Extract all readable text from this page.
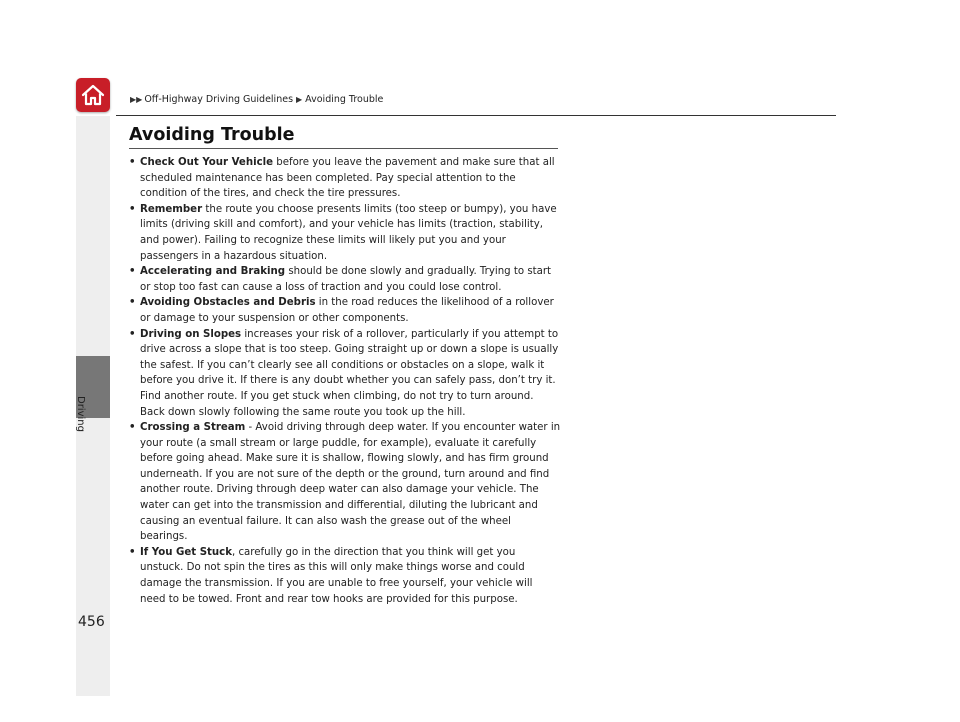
▶▶ Off-Highway Driving Guidelines ▶ Avoiding Trouble
Driving
456
Avoiding Trouble
• Check Out Your Vehicle before you leave the pavement and make sure that all scheduled maintenance has been completed. Pay special attention to the condition of the tires, and check the tire pressures.
• Remember the route you choose presents limits (too steep or bumpy), you have limits (driving skill and comfort), and your vehicle has limits (traction, stability, and power). Failing to recognize these limits will likely put you and your passengers in a hazardous situation.
• Accelerating and Braking should be done slowly and gradually. Trying to start or stop too fast can cause a loss of traction and you could lose control.
• Avoiding Obstacles and Debris in the road reduces the likelihood of a rollover or damage to your suspension or other components.
• Driving on Slopes increases your risk of a rollover, particularly if you attempt to drive across a slope that is too steep. Going straight up or down a slope is usually the safest. If you can’t clearly see all conditions or obstacles on a slope, walk it before you drive it. If there is any doubt whether you can safely pass, don’t try it. Find another route. If you get stuck when climbing, do not try to turn around. Back down slowly following the same route you took up the hill.
• Crossing a Stream - Avoid driving through deep water. If you encounter water in your route (a small stream or large puddle, for example), evaluate it carefully before going ahead. Make sure it is shallow, flowing slowly, and has firm ground underneath. If you are not sure of the depth or the ground, turn around and find another route. Driving through deep water can also damage your vehicle. The water can get into the transmission and differential, diluting the lubricant and causing an eventual failure. It can also wash the grease out of the wheel bearings.
• If You Get Stuck, carefully go in the direction that you think will get you unstuck. Do not spin the tires as this will only make things worse and could damage the transmission. If you are unable to free yourself, your vehicle will need to be towed. Front and rear tow hooks are provided for this purpose.
